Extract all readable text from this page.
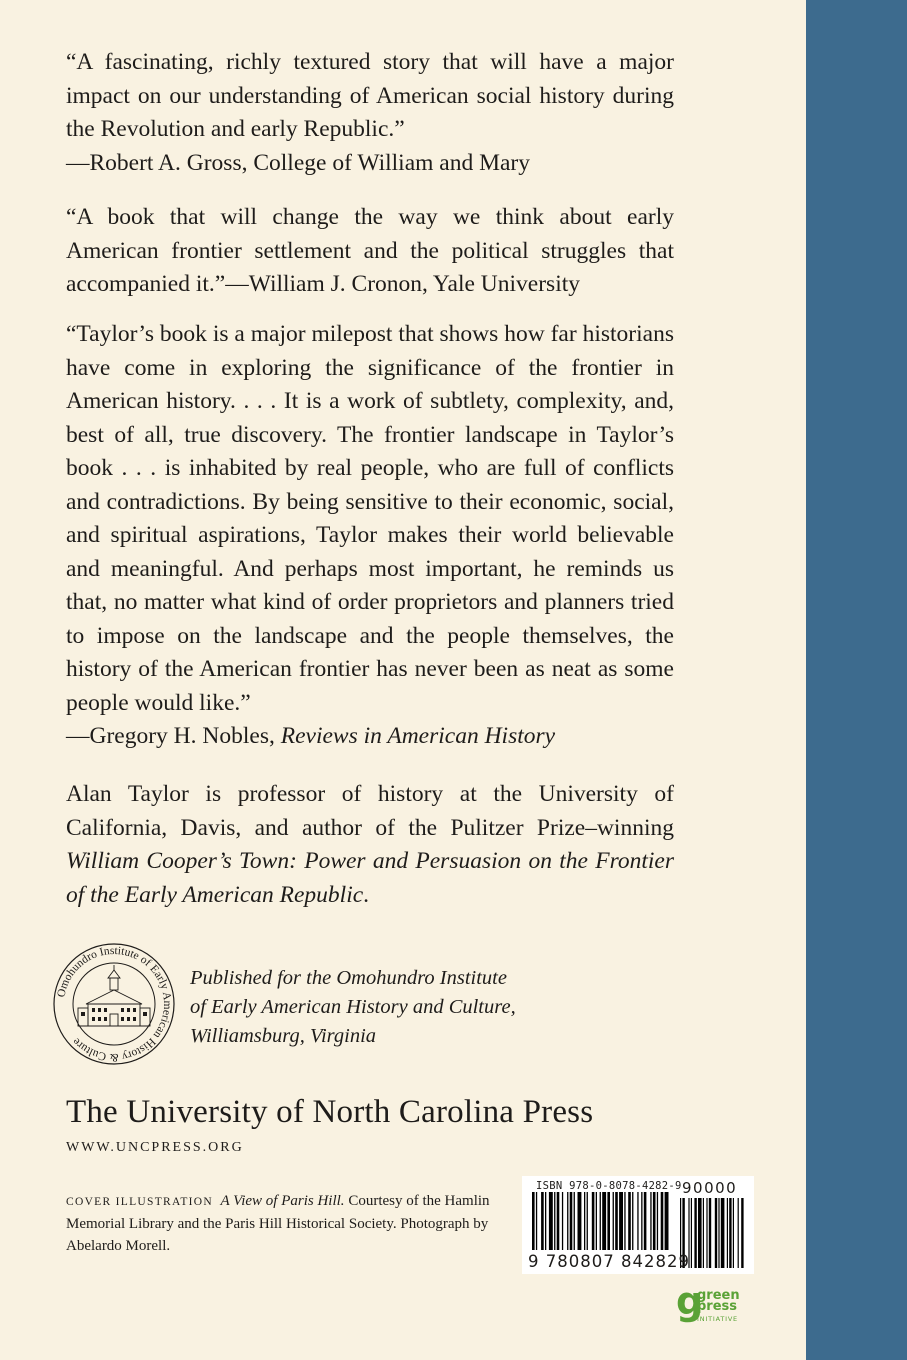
“A fascinating, richly textured story that will have a major impact on our understanding of American social history during the Revolution and early Republic.”
—Robert A. Gross, College of William and Mary

“A book that will change the way we think about early American frontier settlement and the political struggles that accompanied it.”—William J. Cronon, Yale University

“Taylor’s book is a major milepost that shows how far historians have come in exploring the significance of the frontier in American history. . . . It is a work of subtlety, complexity, and, best of all, true discovery. The frontier landscape in Taylor’s book . . . is inhabited by real people, who are full of conflicts and contradictions. By being sensitive to their economic, social, and spiritual aspirations, Taylor makes their world believable and meaningful. And perhaps most important, he reminds us that, no matter what kind of order proprietors and planners tried to impose on the landscape and the people themselves, the history of the American frontier has never been as neat as some people would like.”
—Gregory H. Nobles, Reviews in American History

Alan Taylor is professor of history at the University of California, Davis, and author of the Pulitzer Prize–winning William Cooper’s Town: Power and Persuasion on the Frontier of the Early American Republic.

Omohundro Institute of Early American History & Culture
Published for the Omohundro Institute
of Early American History and Culture,
Williamsburg, Virginia
The University of North Carolina Press
WWW.UNCPRESS.ORG
COVER ILLUSTRATION A View of Paris Hill. Courtesy of the Hamlin Memorial Library and the Paris Hill Historical Society. Photograph by Abelardo Morell.
ISBN 978-0-8078-4282-9
9 780807 842829
90000
g
green
press
INITIATIVE
